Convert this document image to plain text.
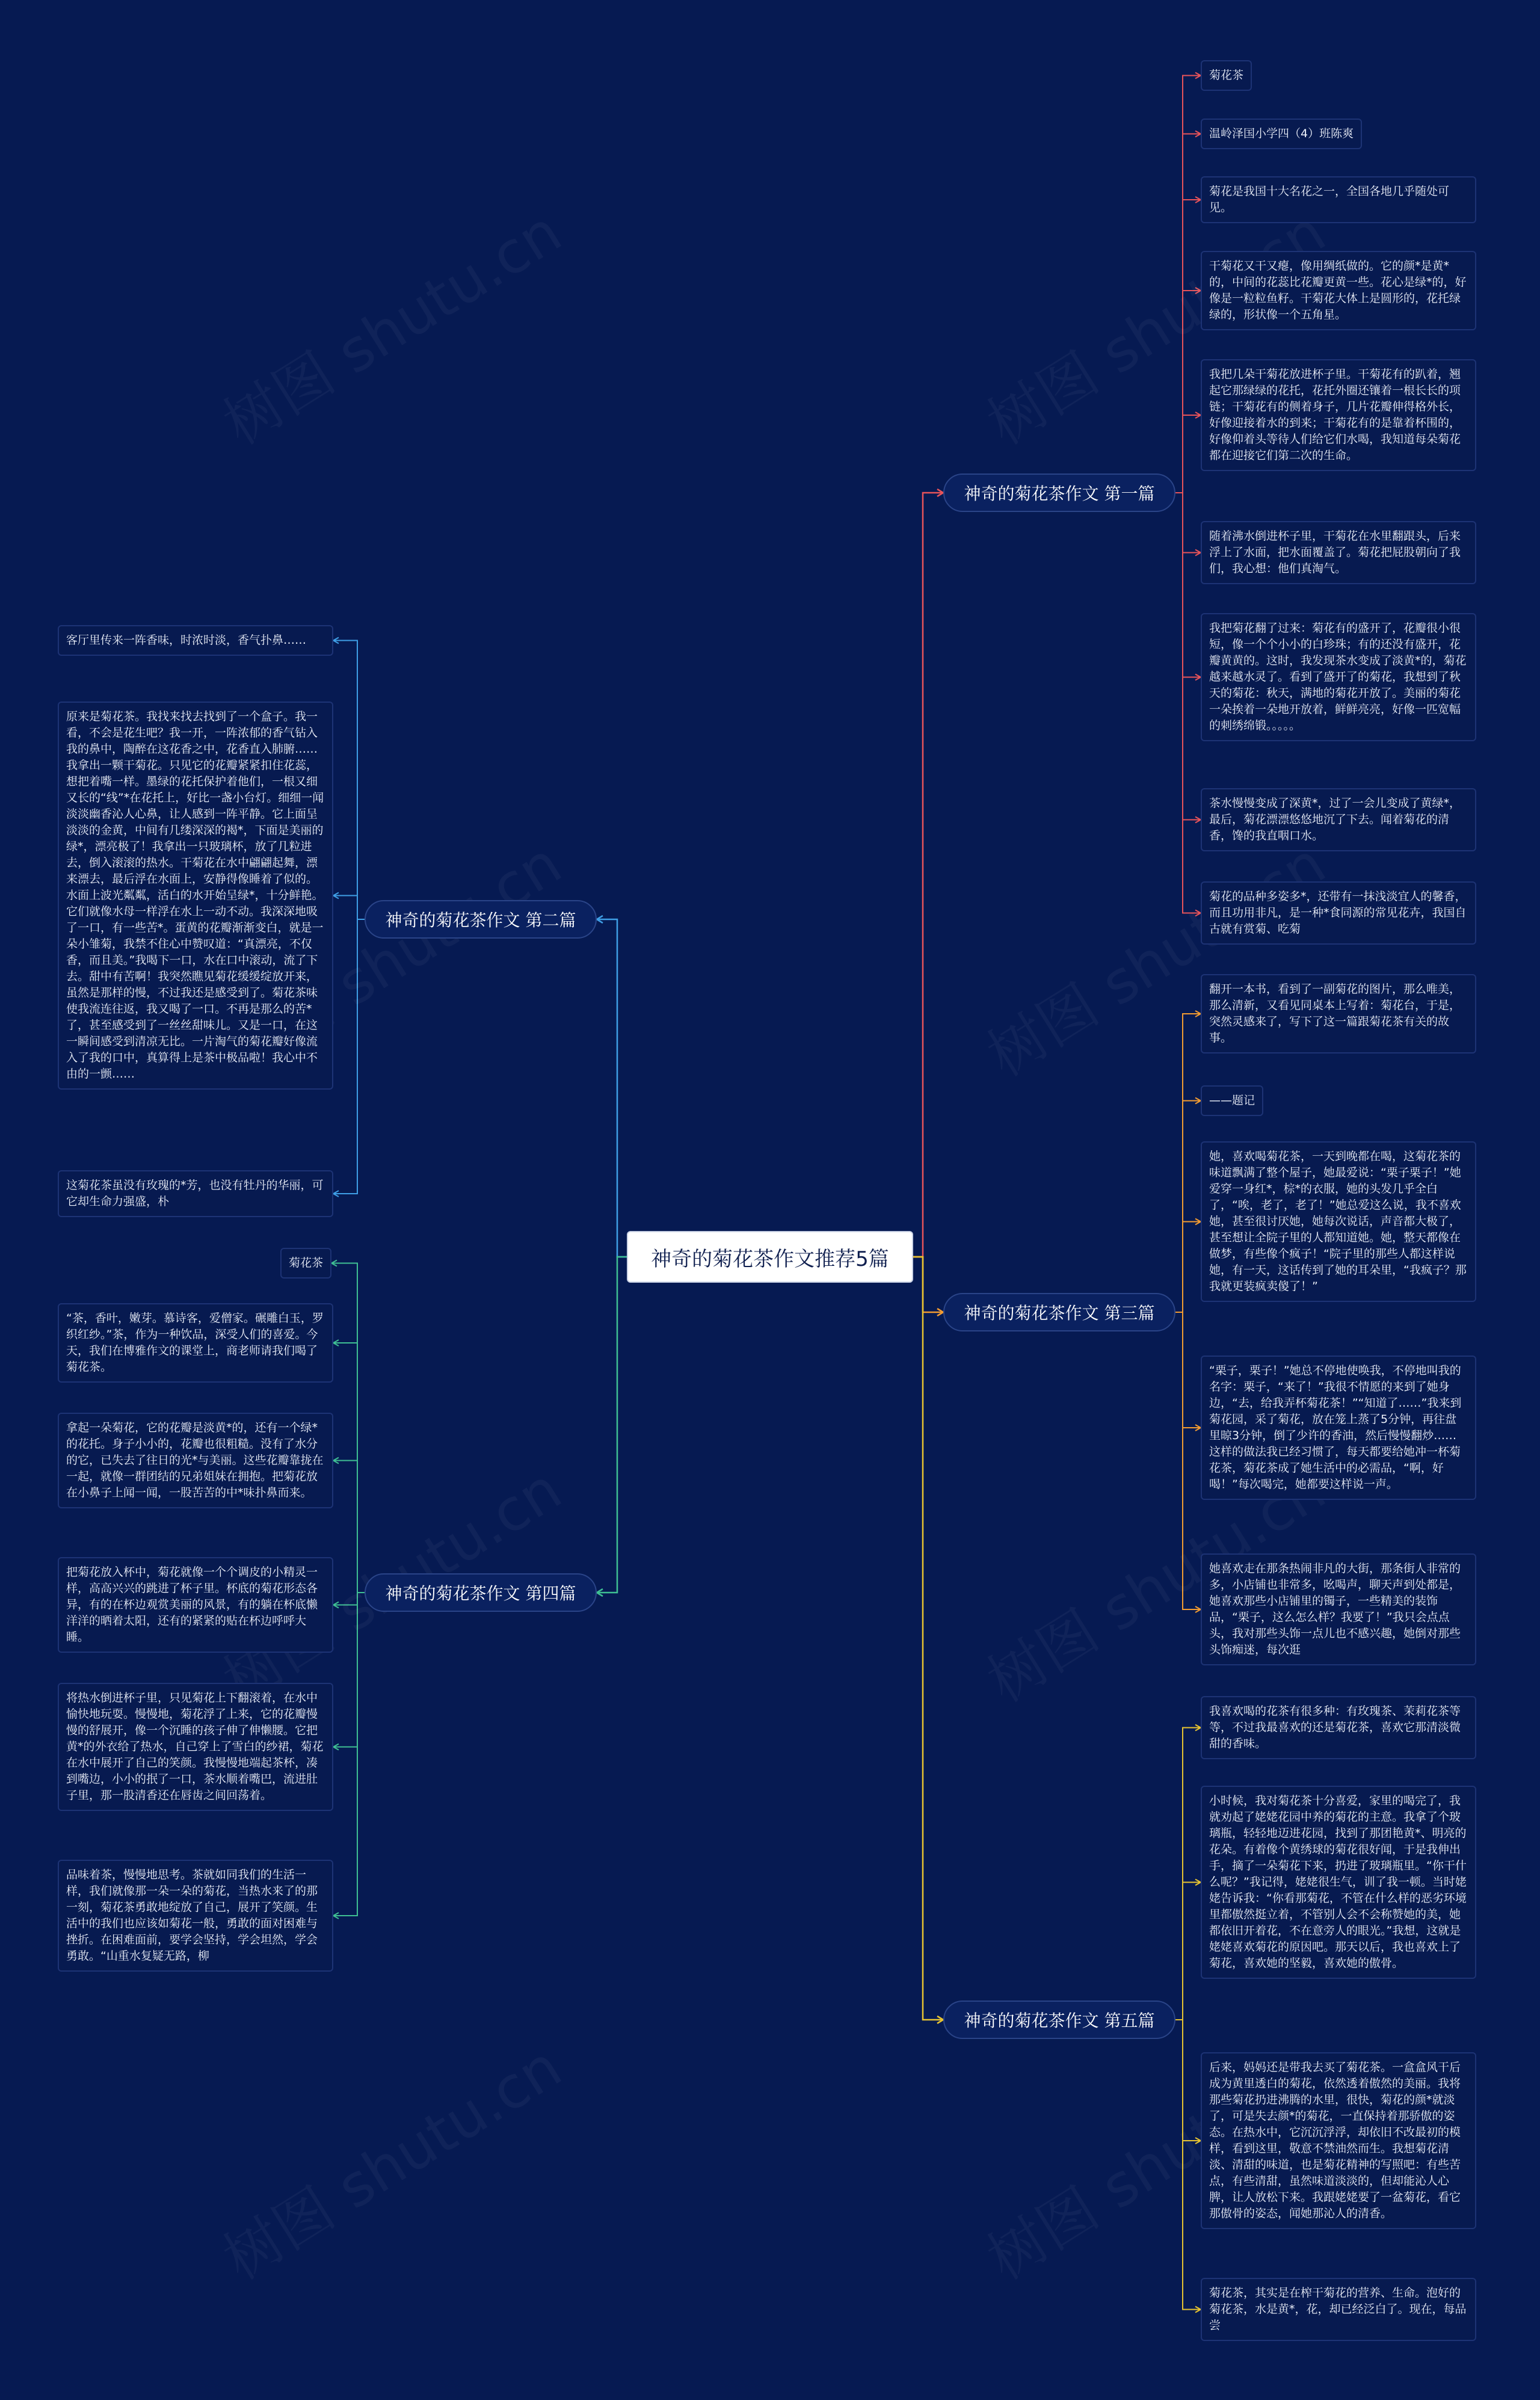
神奇的菊花茶作文推荐5篇
神奇的菊花茶作文 第一篇
菊花茶
温岭泽国小学四（4）班陈爽
菊花是我国十大名花之一，全国各地几乎随处可见。
干菊花又干又瘪，像用绸纸做的。它的颜*是黄*的，中间的花蕊比花瓣更黄一些。花心是绿*的，好像是一粒粒鱼籽。干菊花大体上是圆形的，花托绿绿的，形状像一个五角星。
我把几朵干菊花放进杯子里。干菊花有的趴着，翘起它那绿绿的花托，花托外圈还镶着一根长长的项链；干菊花有的侧着身子，几片花瓣伸得格外长，好像迎接着水的到来；干菊花有的是靠着杯围的，好像仰着头等待人们给它们水喝，我知道每朵菊花都在迎接它们第二次的生命。
随着沸水倒进杯子里，干菊花在水里翻跟头，后来浮上了水面，把水面覆盖了。菊花把屁股朝向了我们，我心想：他们真淘气。
我把菊花翻了过来：菊花有的盛开了，花瓣很小很短，像一个个小小的白珍珠；有的还没有盛开，花瓣黄黄的。这时，我发现茶水变成了淡黄*的，菊花越来越水灵了。看到了盛开了的菊花，我想到了秋天的菊花：秋天，满地的菊花开放了。美丽的菊花一朵挨着一朵地开放着，鲜鲜亮亮，好像一匹宽幅的刺绣绵锻。。。。。
茶水慢慢变成了深黄*，过了一会儿变成了黄绿*，最后，菊花漂漂悠悠地沉了下去。闻着菊花的清香，馋的我直咽口水。
菊花的品种多姿多*，还带有一抹浅淡宜人的馨香，而且功用非凡，是一种*食同源的常见花卉，我国自古就有赏菊、吃菊
神奇的菊花茶作文 第二篇
客厅里传来一阵香味，时浓时淡，香气扑鼻……
原来是菊花茶。我找来找去找到了一个盒子。我一看，不会是花生吧？我一开，一阵浓郁的香气钻入我的鼻中，陶醉在这花香之中，花香直入肺腑……我拿出一颗干菊花。只见它的花瓣紧紧扣住花蕊，想把着嘴一样。墨绿的花托保护着他们，一根又细又长的“线”*在花托上，好比一盏小台灯。细细一闻淡淡幽香沁人心鼻，让人感到一阵平静。它上面呈淡淡的金黄，中间有几缕深深的褐*，下面是美丽的绿*，漂亮极了！我拿出一只玻璃杯，放了几粒进去，倒入滚滚的热水。干菊花在水中翩翩起舞，漂来漂去，最后浮在水面上，安静得像睡着了似的。水面上波光粼粼，活白的水开始呈绿*，十分鲜艳。它们就像水母一样浮在水上一动不动。我深深地吸了一口，有一些苦*。蛋黄的花瓣渐渐变白，就是一朵小雏菊，我禁不住心中赞叹道：“真漂亮，不仅香，而且美。”我喝下一口，水在口中滚动，流了下去。甜中有苦啊！我突然瞧见菊花缓缓绽放开来，虽然是那样的慢，不过我还是感受到了。菊花茶味使我流连往返，我又喝了一口。不再是那么的苦*了，甚至感受到了一丝丝甜味儿。又是一口，在这一瞬间感受到清凉无比。一片淘气的菊花瓣好像流入了我的口中，真算得上是茶中极品啦！我心中不由的一颤……
这菊花茶虽没有玫瑰的*芳，也没有牡丹的华丽，可它却生命力强盛，朴
神奇的菊花茶作文 第三篇
翻开一本书，看到了一副菊花的图片，那么唯美，那么清新，又看见同桌本上写着：菊花台，于是，突然灵感来了，写下了这一篇跟菊花茶有关的故事。
——题记
她，喜欢喝菊花茶，一天到晚都在喝，这菊花茶的味道飘满了整个屋子，她最爱说：“栗子栗子！”她爱穿一身红*，棕*的衣服，她的头发几乎全白了，“唉，老了，老了！”她总爱这么说，我不喜欢她，甚至很讨厌她，她每次说话，声音都大极了，甚至想让全院子里的人都知道她。她，整天都像在做梦，有些像个疯子！“院子里的那些人都这样说她，有一天，这话传到了她的耳朵里，“我疯子？那我就更装疯卖傻了！”
“栗子，栗子！”她总不停地使唤我，不停地叫我的名字：栗子，“来了！”我很不情愿的来到了她身边，“去，给我弄杯菊花茶！”“知道了……”我来到菊花园，采了菊花，放在笼上蒸了5分钟，再往盘里晾3分钟，倒了少许的香油，然后慢慢翻炒……这样的做法我已经习惯了，每天都要给她冲一杯菊花茶，菊花茶成了她生活中的必需品，“啊，好喝！”每次喝完，她都要这样说一声。
她喜欢走在那条热闹非凡的大街，那条街人非常的多，小店铺也非常多，吆喝声，聊天声到处都是，她喜欢那些小店铺里的镯子，一些精美的装饰品，“栗子，这么怎么样？我要了！”我只会点点头，我对那些头饰一点儿也不感兴趣，她倒对那些头饰痴迷，每次逛
神奇的菊花茶作文 第四篇
菊花茶
“茶，香叶，嫩芽。慕诗客，爱僧家。碾雕白玉，罗织红纱。”茶，作为一种饮品，深受人们的喜爱。今天，我们在博雅作文的课堂上，商老师请我们喝了菊花茶。
拿起一朵菊花，它的花瓣是淡黄*的，还有一个绿*的花托。身子小小的，花瓣也很粗糙。没有了水分的它，已失去了往日的光*与美丽。这些花瓣靠拢在一起，就像一群团结的兄弟姐妹在拥抱。把菊花放在小鼻子上闻一闻，一股苦苦的中*味扑鼻而来。
把菊花放入杯中，菊花就像一个个调皮的小精灵一样，高高兴兴的跳进了杯子里。杯底的菊花形态各异，有的在杯边观赏美丽的风景，有的躺在杯底懒洋洋的晒着太阳，还有的紧紧的贴在杯边呼呼大睡。
将热水倒进杯子里，只见菊花上下翻滚着，在水中愉快地玩耍。慢慢地，菊花浮了上来，它的花瓣慢慢的舒展开，像一个沉睡的孩子伸了伸懒腰。它把黄*的外衣给了热水，自己穿上了雪白的纱裙，菊花在水中展开了自己的笑颜。我慢慢地端起茶杯，凑到嘴边，小小的抿了一口，茶水顺着嘴巴，流进肚子里，那一股清香还在唇齿之间回荡着。
品味着茶，慢慢地思考。茶就如同我们的生活一样，我们就像那一朵一朵的菊花，当热水来了的那一刻，菊花茶勇敢地绽放了自己，展开了笑颜。生活中的我们也应该如菊花一般，勇敢的面对困难与挫折。在困难面前，要学会坚持，学会坦然，学会勇敢。“山重水复疑无路，柳
神奇的菊花茶作文 第五篇
我喜欢喝的花茶有很多种：有玫瑰茶、茉莉花茶等等，不过我最喜欢的还是菊花茶，喜欢它那清淡微甜的香味。
小时候，我对菊花茶十分喜爱，家里的喝完了，我就劝起了姥姥花园中养的菊花的主意。我拿了个玻璃瓶，轻轻地迈进花园，找到了那团艳黄*、明亮的花朵。有着像个黄绣球的菊花很好闻，于是我伸出手，摘了一朵菊花下来，扔进了玻璃瓶里。“你干什么呢？”我记得，姥姥很生气，训了我一顿。当时姥姥告诉我：“你看那菊花，不管在什么样的恶劣环境里都傲然挺立着，不管别人会不会称赞她的美，她都依旧开着花，不在意旁人的眼光。”我想，这就是姥姥喜欢菊花的原因吧。那天以后，我也喜欢上了菊花，喜欢她的坚毅，喜欢她的傲骨。
后来，妈妈还是带我去买了菊花茶。一盒盒风干后成为黄里透白的菊花，依然透着傲然的美丽。我将那些菊花扔进沸腾的水里，很快，菊花的颜*就淡了，可是失去颜*的菊花，一直保持着那骄傲的姿态。在热水中，它沉沉浮浮，却依旧不改最初的模样，看到这里，敬意不禁油然而生。我想菊花清淡、清甜的味道，也是菊花精神的写照吧：有些苦点，有些清甜，虽然味道淡淡的，但却能沁人心脾，让人放松下来。我跟姥姥要了一盆菊花，看它那傲骨的姿态，闻她那沁人的清香。
菊花茶，其实是在榨干菊花的营养、生命。泡好的菊花茶，水是黄*，花，却已经泛白了。现在，每品尝
